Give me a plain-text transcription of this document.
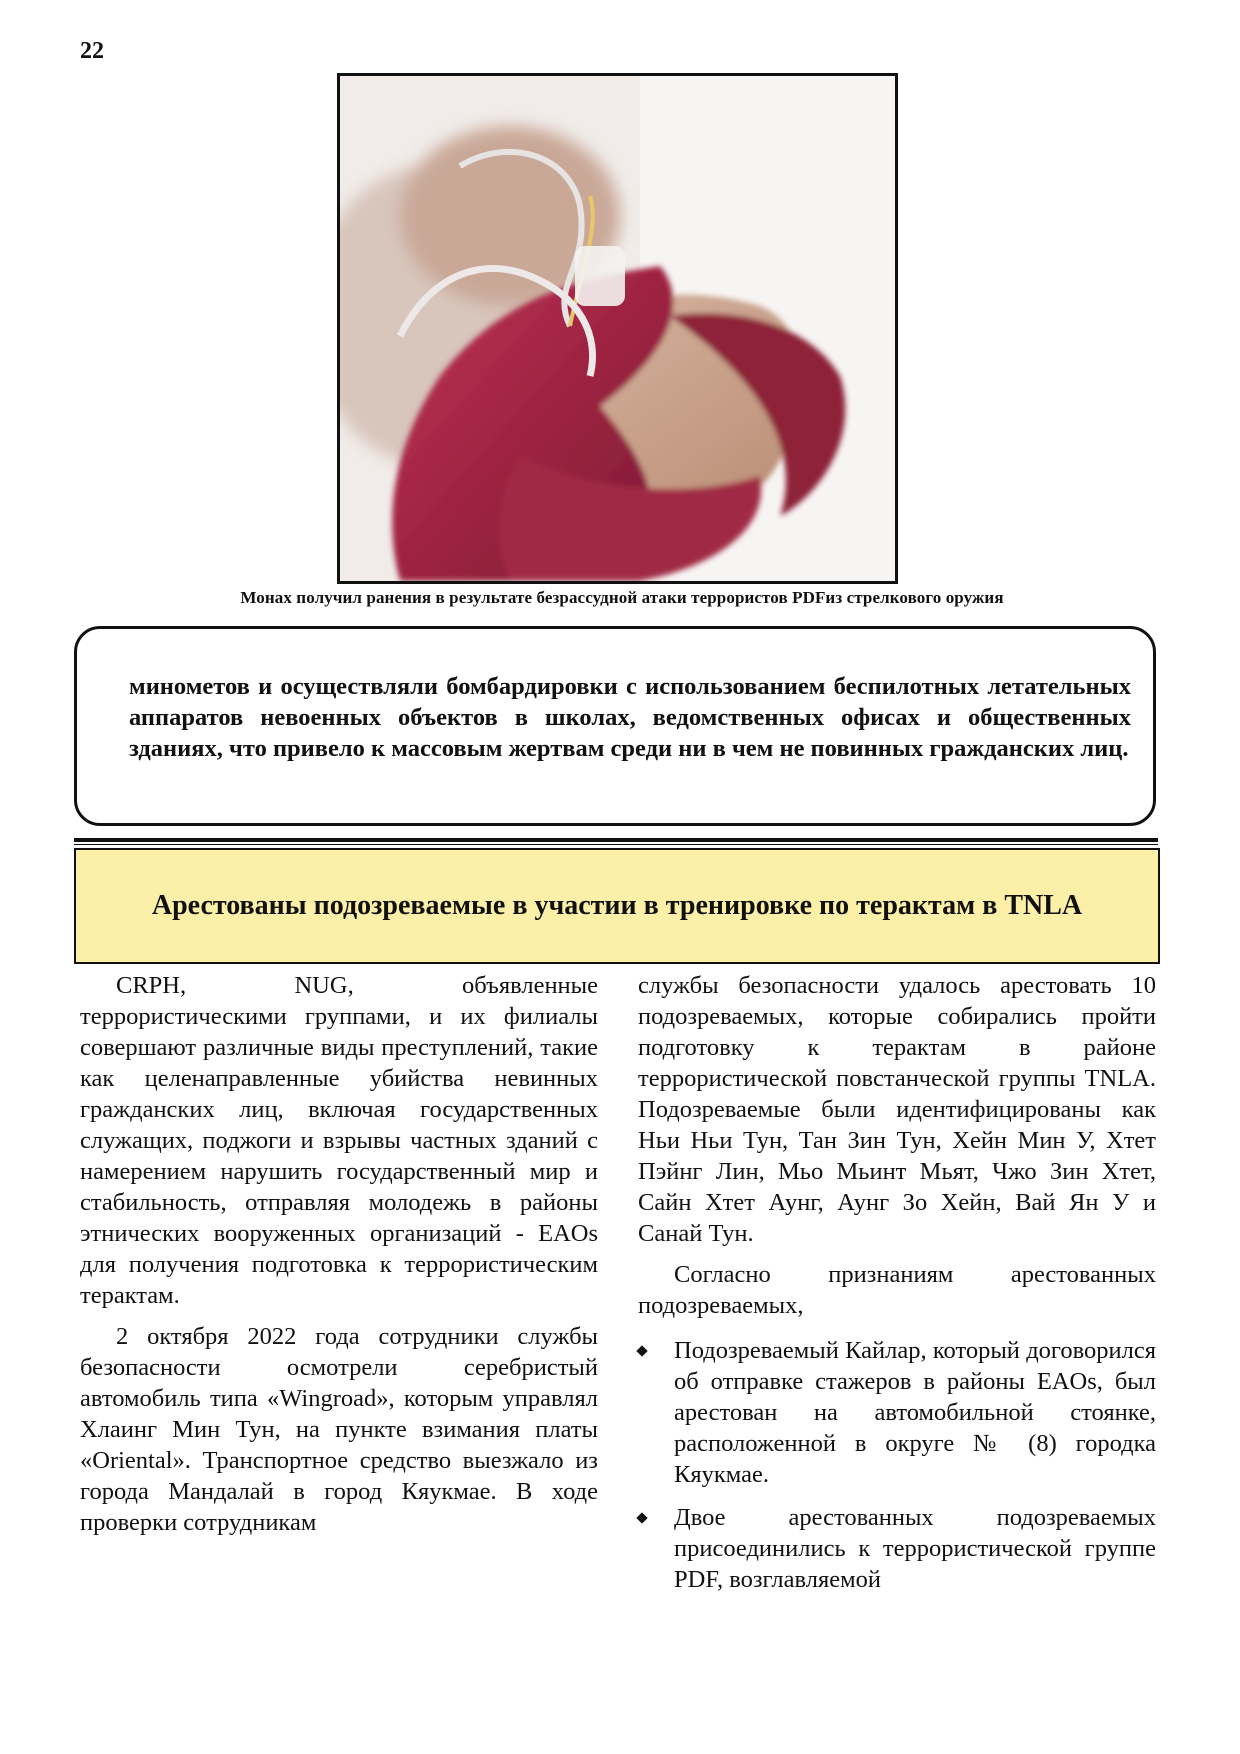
22
Монах получил ранения в результате безрассудной атаки террористов PDFиз стрелкового оружия

минометов и осуществляли бомбардировки с использованием беспилотных летательных аппаратов невоенных объектов в школах, ведомственных офисах и общественных зданиях, что привело к массовым жертвам среди ни в чем не повинных гражданских лиц.

Арестованы подозреваемые в участии в тренировке по терактам в TNLA

CRPH, NUG, объявленные террористическими группами, и их филиалы совершают различные виды преступлений, такие как целенаправленные убийства невинных гражданских лиц, включая государственных служащих, поджоги и взрывы частных зданий с намерением нарушить государственный мир и стабильность, отправляя молодежь в районы этнических вооруженных организаций - EAOs для получения подготовка к террористическим терактам.

2 октября 2022 года сотрудники службы безопасности осмотрели серебристый автомобиль типа «Wingroad», которым управлял Хлаинг Мин Тун, на пункте взимания платы «Oriental». Транспортное средство выезжало из города Мандалай в город Кяукмае. В ходе проверки сотрудникам

службы безопасности удалось арестовать 10 подозреваемых, которые собирались пройти подготовку к терактам в районе террористической повстанческой группы TNLA. Подозреваемые были идентифицированы как Ньи Ньи Тун, Тан Зин Тун, Хейн Мин У, Хтет Пэйнг Лин, Мьо Мьинт Мьят, Чжо Зин Хтет, Сайн Хтет Аунг, Аунг Зо Хейн, Вай Ян У и Санай Тун.

Согласно признаниям арестованных подозреваемых,

Подозреваемый Кайлар, который договорился об отправке стажеров в районы EAOs, был арестован на автомобильной стоянке, расположенной в округе № (8) городка Кяукмае.
Двое арестованных подозреваемых присоединились к террористической группе PDF, возглавляемой
